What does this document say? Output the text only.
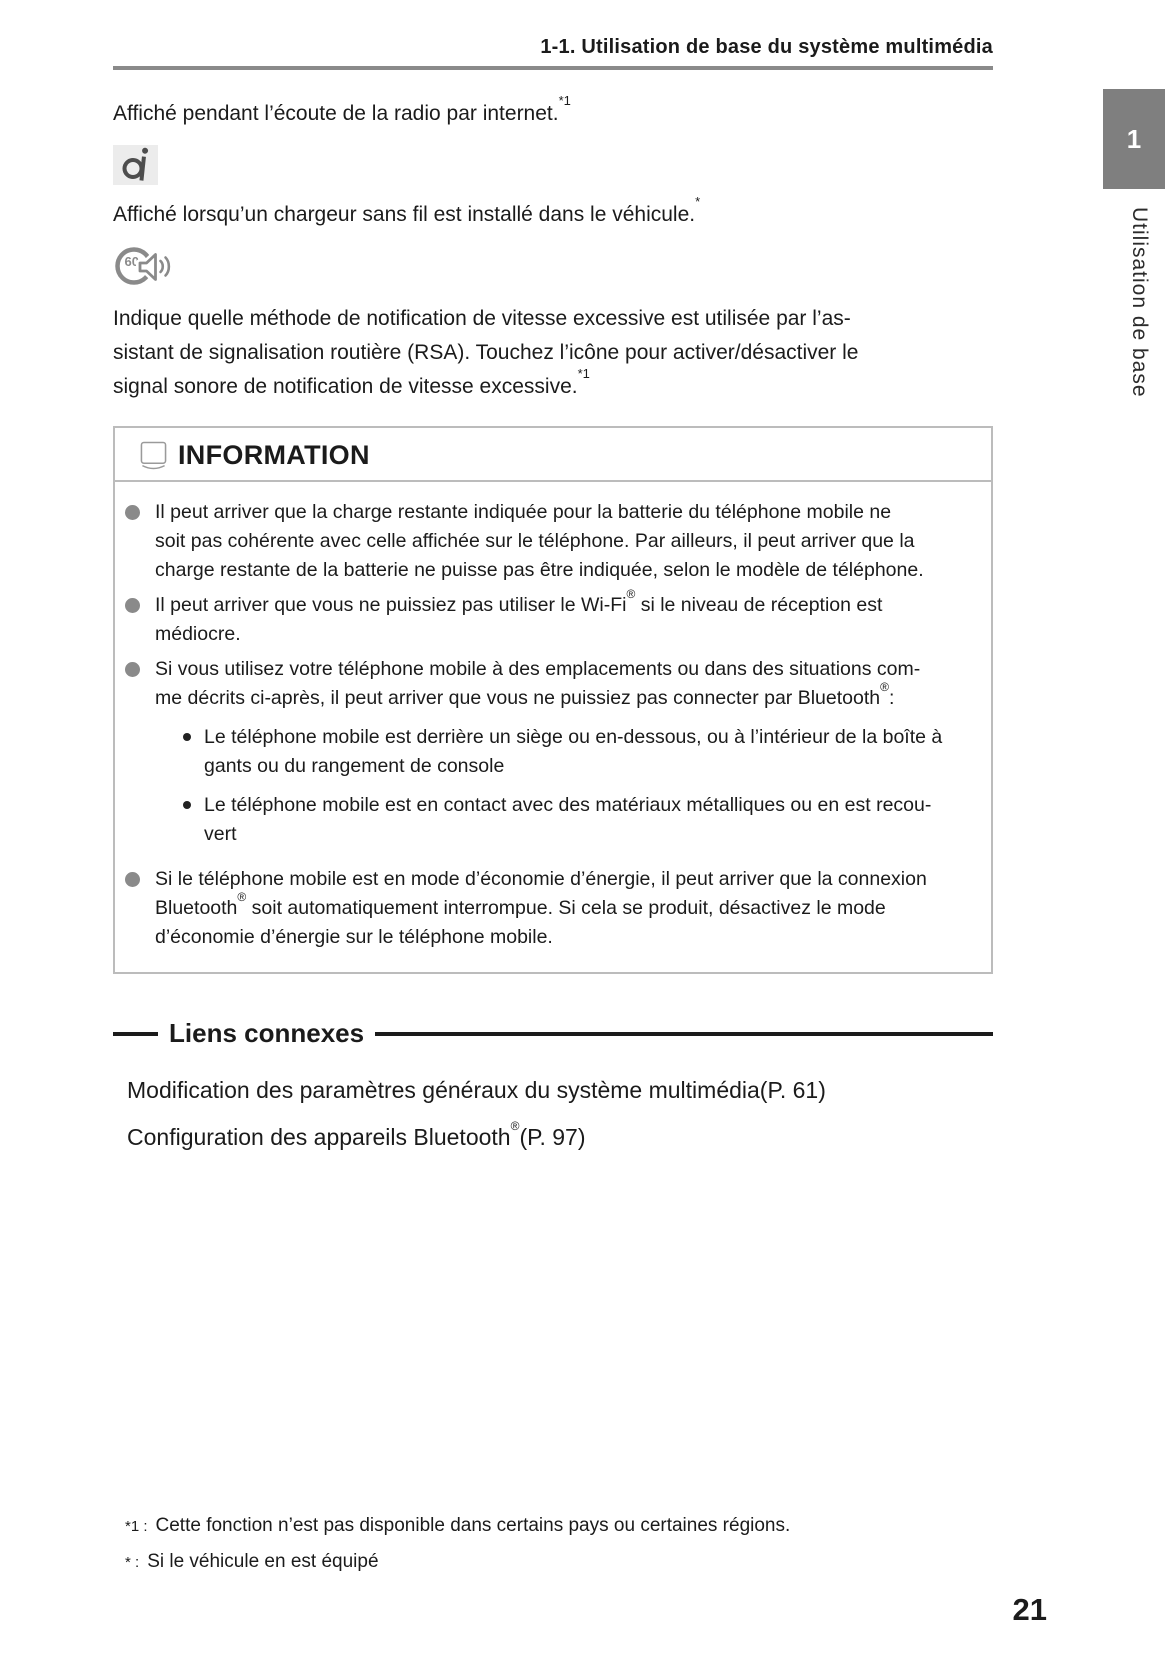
1-1. Utilisation de base du système multimédia
1
Utilisation de base

Affiché pendant l’écoute de la radio par internet.$^{*1}$

Affiché lorsqu’un chargeur sans fil est installé dans le véhicule.*

60
Indique quelle méthode de notification de vitesse excessive est utilisée par l’as-
sistant de signalisation routière (RSA). Touchez l’icône pour activer/désactiver le
signal sonore de notification de vitesse excessive.$^{*1}$
INFORMATION
Il peut arriver que la charge restante indiquée pour la batterie du téléphone mobile ne
soit pas cohérente avec celle affichée sur le téléphone. Par ailleurs, il peut arriver que la
charge restante de la batterie ne puisse pas être indiquée, selon le modèle de téléphone.
Il peut arriver que vous ne puissiez pas utiliser le Wi-Fi® si le niveau de réception est
médiocre.
Si vous utilisez votre téléphone mobile à des emplacements ou dans des situations com-
me décrits ci-après, il peut arriver que vous ne puissiez pas connecter par Bluetooth®:
Le téléphone mobile est derrière un siège ou en-dessous, ou à l’intérieur de la boîte à
gants ou du rangement de console
Le téléphone mobile est en contact avec des matériaux métalliques ou en est recou-
vert
Si le téléphone mobile est en mode d’économie d’énergie, il peut arriver que la connexion
Bluetooth® soit automatiquement interrompue. Si cela se produit, désactivez le mode
d’économie d’énergie sur le téléphone mobile.
Liens connexes
Modification des paramètres généraux du système multimédia(P. 61)
Configuration des appareils Bluetooth®(P. 97)
*1 : Cette fonction n’est pas disponible dans certains pays ou certaines régions.
* : Si le véhicule en est équipé
21
